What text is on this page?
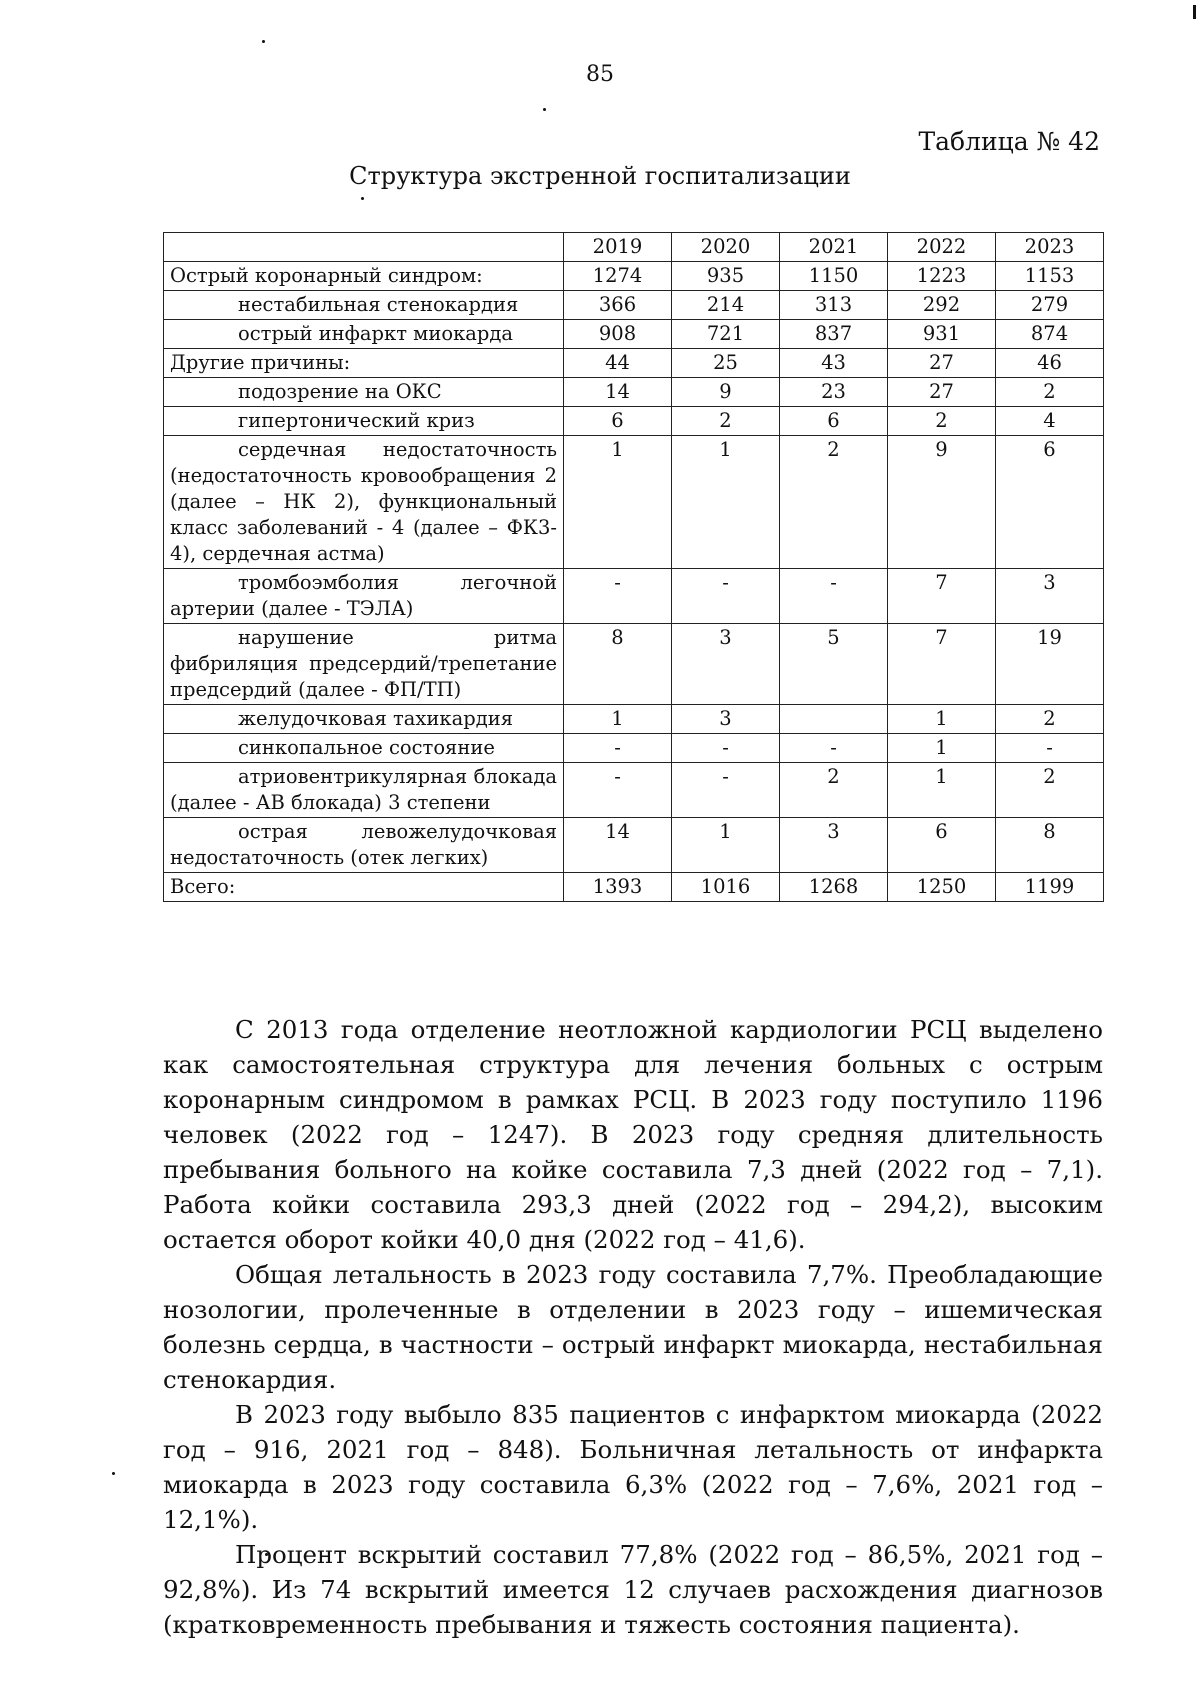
85
Таблица № 42
Структура экстренной госпитализации
	2019	2020	2021	2022	2023
Острый коронарный синдром:	1274	935	1150	1223	1153
нестабильная стенокардия	366	214	313	292	279
острый инфаркт миокарда	908	721	837	931	874
Другие причины:	44	25	43	27	46
подозрение на ОКС	14	9	23	27	2
гипертонический криз	6	2	6	2	4

сердечная недостаточность (недостаточность кровообращения 2 (далее – НК 2), функциональный класс заболеваний - 4 (далее – ФК3-4), сердечная астма)	1	1	2	9	6

тромбоэмболия легочной артерии (далее - ТЭЛА)	-	-	-	7	3

нарушение ритма фибриляция предсердий/трепетание предсердий (далее - ФП/ТП)	8	3	5	7	19
желудочковая тахикардия	1	3		1	2
синкопальное состояние	-	-	-	1	-

атриовентрикулярная блокада (далее - АВ блокада) 3 степени	-	-	2	1	2

острая левожелудочковая недостаточность (отек легких)	14	1	3	6	8
Всего:	1393	1016	1268	1250	1199

С 2013 года отделение неотложной кардиологии РСЦ выделено как самостоятельная структура для лечения больных с острым коронарным синдромом в рамках РСЦ. В 2023 году поступило 1196 человек (2022 год – 1247). В 2023 году средняя длительность пребывания больного на койке составила 7,3 дней (2022 год – 7,1). Работа койки составила 293,3 дней (2022 год – 294,2), высоким остается оборот койки 40,0 дня (2022 год – 41,6).

Общая летальность в 2023 году составила 7,7%. Преобладающие нозологии, пролеченные в отделении в 2023 году – ишемическая болезнь сердца, в частности – острый инфаркт миокарда, нестабильная стенокардия.

В 2023 году выбыло 835 пациентов с инфарктом миокарда (2022 год – 916, 2021 год – 848). Больничная летальность от инфаркта миокарда в 2023 году составила 6,3% (2022 год – 7,6%, 2021 год – 12,1%).

Процент вскрытий составил 77,8% (2022 год – 86,5%, 2021 год – 92,8%). Из 74 вскрытий имеется 12 случаев расхождения диагнозов (кратковременность пребывания и тяжесть состояния пациента).
